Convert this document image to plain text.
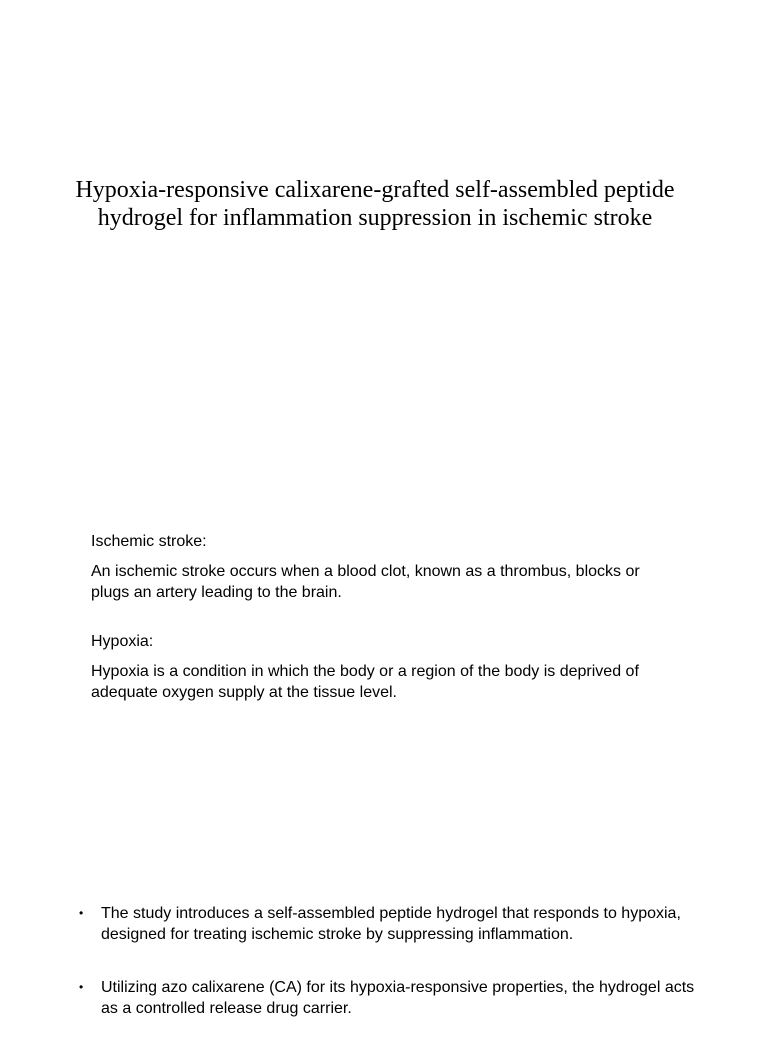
Hypoxia-responsive calixarene-grafted self-assembled peptide hydrogel for inflammation suppression in ischemic stroke

Ischemic stroke:

An ischemic stroke occurs when a blood clot, known as a thrombus, blocks or plugs an artery leading to the brain.

Hypoxia:

Hypoxia is a condition in which the body or a region of the body is deprived of adequate oxygen supply at the tissue level.

•	The study introduces a self-assembled peptide hydrogel that responds to hypoxia, designed for treating ischemic stroke by suppressing inflammation.
•	Utilizing azo calixarene (CA) for its hypoxia-responsive properties, the hydrogel acts as a controlled release drug carrier.
